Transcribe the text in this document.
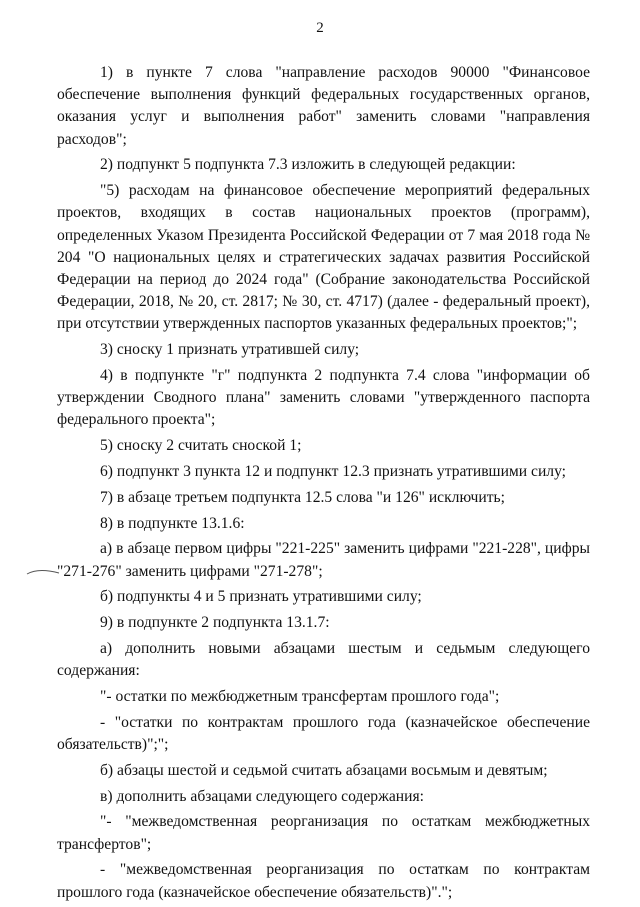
2

1) в пункте 7 слова "направление расходов 90000 "Финансовое обеспечение выполнения функций федеральных государственных органов, оказания услуг и выполнения работ" заменить словами "направления расходов";

2) подпункт 5 подпункта 7.3 изложить в следующей редакции:

"5) расходам на финансовое обеспечение мероприятий федеральных проектов, входящих в состав национальных проектов (программ), определенных Указом Президента Российской Федерации от 7 мая 2018 года № 204 "О национальных целях и стратегических задачах развития Российской Федерации на период до 2024 года" (Собрание законодательства Российской Федерации, 2018, № 20, ст. 2817; № 30, ст. 4717) (далее - федеральный проект), при отсутствии утвержденных паспортов указанных федеральных проектов;";

3) сноску 1 признать утратившей силу;

4) в подпункте "г" подпункта 2 подпункта 7.4 слова "информации об утверждении Сводного плана" заменить словами "утвержденного паспорта федерального проекта";

5) сноску 2 считать сноской 1;

6) подпункт 3 пункта 12 и подпункт 12.3 признать утратившими силу;

7) в абзаце третьем подпункта 12.5 слова "и 126" исключить;

8) в подпункте 13.1.6:

а) в абзаце первом цифры "221-225" заменить цифрами "221-228", цифры "271-276" заменить цифрами "271-278";

б) подпункты 4 и 5 признать утратившими силу;

9) в подпункте 2 подпункта 13.1.7:

а) дополнить новыми абзацами шестым и седьмым следующего содержания:

"- остатки по межбюджетным трансфертам прошлого года";

- "остатки по контрактам прошлого года (казначейское обеспечение обязательств)";";

б) абзацы шестой и седьмой считать абзацами восьмым и девятым;

в) дополнить абзацами следующего содержания:

"- "межведомственная реорганизация по остаткам межбюджетных трансфертов";

- "межведомственная реорганизация по остаткам по контрактам прошлого года (казначейское обеспечение обязательств)".";
